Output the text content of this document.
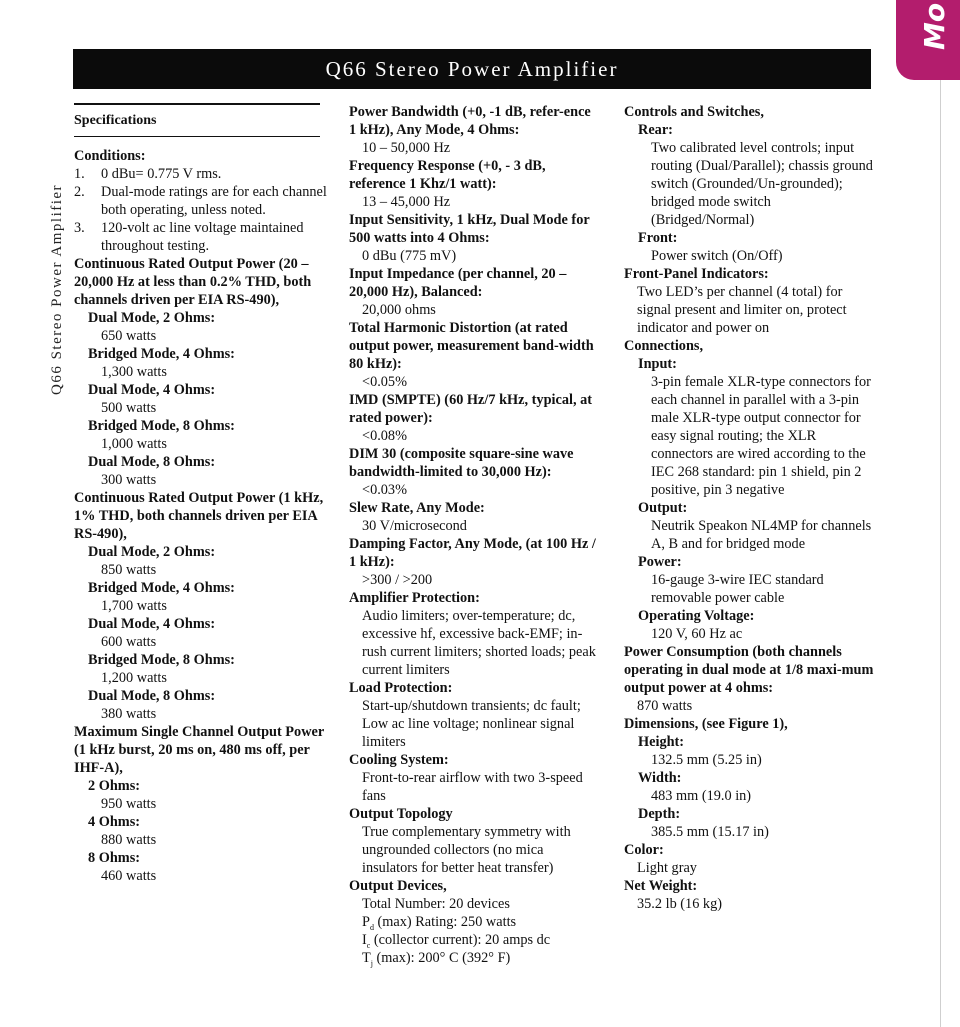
Mo
Q66 Stereo Power Amplifier
Q66 Stereo Power Amplifier
Specifications
Conditions:
1. 0 dBu= 0.775 V rms.
2. Dual-mode ratings are for each channel both operating, unless noted.
3. 120-volt ac line voltage maintained throughout testing.
Continuous Rated Output Power (20 – 20,000 Hz at less than 0.2% THD, both channels driven per EIA RS-490),
Dual Mode, 2 Ohms:
650 watts
Bridged Mode, 4 Ohms:
1,300 watts
Dual Mode, 4 Ohms:
500 watts
Bridged Mode, 8 Ohms:
1,000 watts
Dual Mode, 8 Ohms:
300 watts
Continuous Rated Output Power (1 kHz, 1% THD, both channels driven per EIA RS-490),
Dual Mode, 2 Ohms:
850 watts
Bridged Mode, 4 Ohms:
1,700 watts
Dual Mode, 4 Ohms:
600 watts
Bridged Mode, 8 Ohms:
1,200 watts
Dual Mode, 8 Ohms:
380 watts
Maximum Single Channel Output Power (1 kHz burst, 20 ms on, 480 ms off, per IHF-A),
2 Ohms:
950 watts
4 Ohms:
880 watts
8 Ohms:
460 watts
Power Bandwidth (+0, -1 dB, refer-ence 1 kHz), Any Mode, 4 Ohms:
10 – 50,000 Hz
Frequency Response (+0, - 3 dB, reference 1 Khz/1 watt):
13 – 45,000 Hz
Input Sensitivity, 1 kHz, Dual Mode for 500 watts into 4 Ohms:
0 dBu (775 mV)
Input Impedance (per channel, 20 – 20,000 Hz), Balanced:
20,000 ohms
Total Harmonic Distortion (at rated output power, measurement band-width 80 kHz):
<0.05%
IMD (SMPTE) (60 Hz/7 kHz, typical, at rated power):
<0.08%
DIM 30 (composite square-sine wave bandwidth-limited to 30,000 Hz):
<0.03%
Slew Rate, Any Mode:
30 V/microsecond
Damping Factor, Any Mode, (at 100 Hz / 1 kHz):
>300 / >200
Amplifier Protection:
Audio limiters; over-temperature; dc, excessive hf, excessive back-EMF; in-rush current limiters; shorted loads; peak current limiters
Load Protection:
Start-up/shutdown transients; dc fault; Low ac line voltage; nonlinear signal limiters
Cooling System:
Front-to-rear airflow with two 3-speed fans
Output Topology
True complementary symmetry with ungrounded collectors (no mica insulators for better heat transfer)
Output Devices,
Total Number: 20 devices
$P_d$ (max) Rating: 250 watts
$I_c$ (collector current): 20 amps dc
$T_j$ (max): 200° C (392° F)
Controls and Switches,
Rear:
Two calibrated level controls; input routing (Dual/Parallel); chassis ground switch (Grounded/Un-grounded); bridged mode switch (Bridged/Normal)
Front:
Power switch (On/Off)
Front-Panel Indicators:
Two LED’s per channel (4 total) for signal present and limiter on, protect indicator and power on
Connections,
Input:
3-pin female XLR-type connectors for each channel in parallel with a 3-pin male XLR-type output connector for easy signal routing; the XLR connectors are wired according to the IEC 268 standard: pin 1 shield, pin 2 positive, pin 3 negative
Output:
Neutrik Speakon NL4MP for channels A, B and for bridged mode
Power:
16-gauge 3-wire IEC standard removable power cable
Operating Voltage:
120 V, 60 Hz ac
Power Consumption (both channels operating in dual mode at 1/8 maxi-mum output power at 4 ohms:
870 watts
Dimensions, (see Figure 1),
Height:
132.5 mm (5.25 in)
Width:
483 mm (19.0 in)
Depth:
385.5 mm (15.17 in)
Color:
Light gray
Net Weight:
35.2 lb (16 kg)
